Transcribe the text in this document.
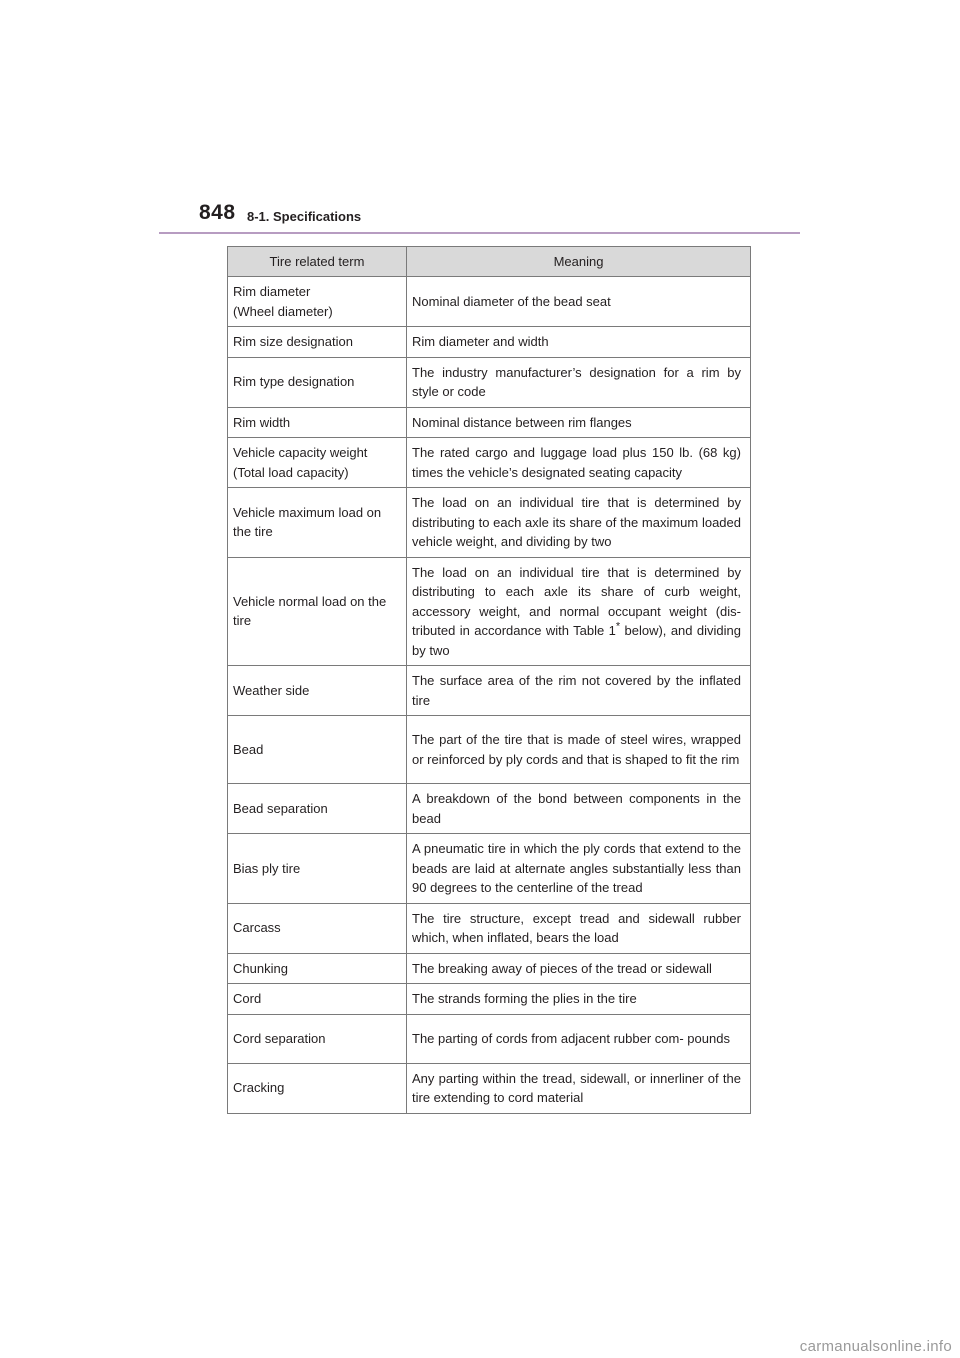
848 8-1. Specifications
Tire related term	Meaning

Rim diameter
(Wheel diameter)	Nominal diameter of the bead seat

Rim size designation	Rim diameter and width

Rim type designation	The industry manufacturer’s designation for a rim by style or code

Rim width	Nominal distance between rim flanges

Vehicle capacity weight (Total load capacity)	The rated cargo and luggage load plus 150 lb. (68 kg) times the vehicle’s designated seating capacity

Vehicle maximum load on the tire	The load on an individual tire that is determined by distributing to each axle its share of the maximum loaded vehicle weight, and dividing by two

Vehicle normal load on the tire	The load on an individual tire that is determined by distributing to each axle its share of curb weight, accessory weight, and normal occupant weight (dis- tributed in accordance with Table 1* below), and dividing by two

Weather side	The surface area of the rim not covered by the inflated tire

Bead	The part of the tire that is made of steel wires, wrapped or reinforced by ply cords and that is shaped to fit the rim

Bead separation	A breakdown of the bond between components in the bead

Bias ply tire	A pneumatic tire in which the ply cords that extend to the beads are laid at alternate angles substantially less than 90 degrees to the centerline of the tread

Carcass	The tire structure, except tread and sidewall rubber which, when inflated, bears the load

Chunking	The breaking away of pieces of the tread or sidewall

Cord	The strands forming the plies in the tire

Cord separation	The parting of cords from adjacent rubber com- pounds

Cracking	Any parting within the tread, sidewall, or innerliner of the tire extending to cord material
carmanualsonline.info
